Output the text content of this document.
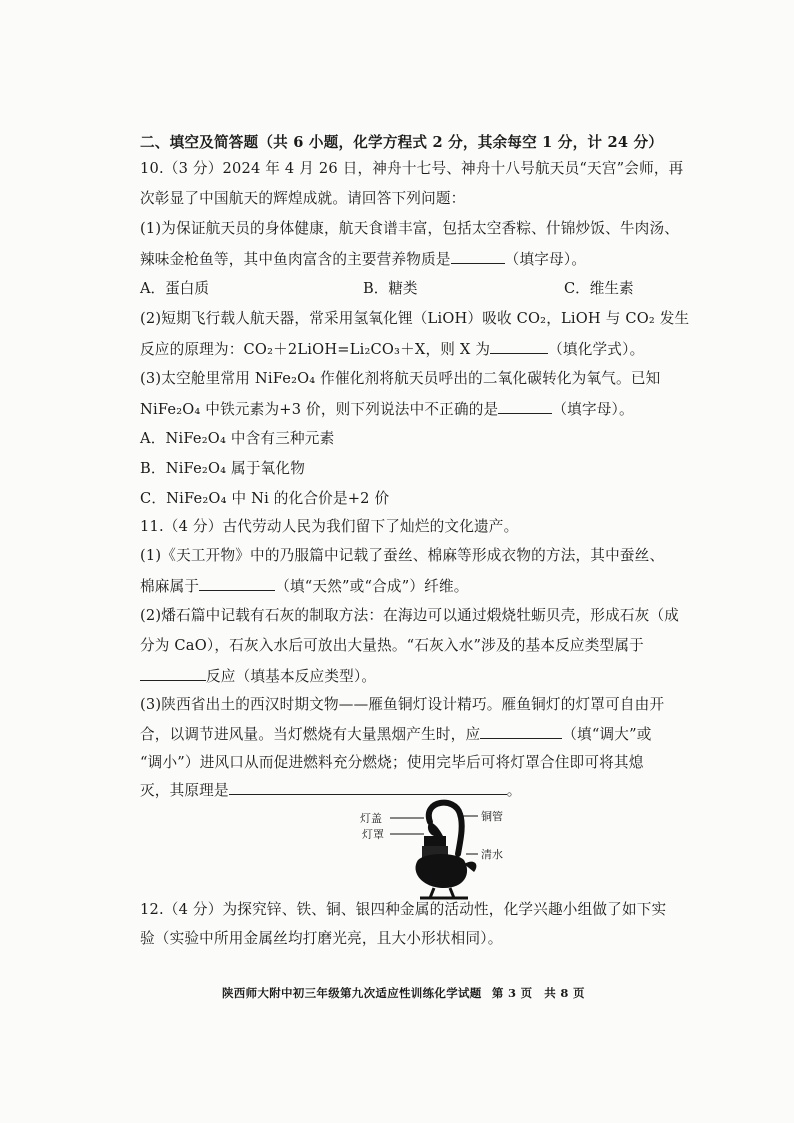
二、填空及简答题（共 6 小题，化学方程式 2 分，其余每空 1 分，计 24 分）
10.（3 分）2024 年 4 月 26 日，神舟十七号、神舟十八号航天员“天宫”会师，再
次彰显了中国航天的辉煌成就。请回答下列问题：
(1)为保证航天员的身体健康，航天食谱丰富，包括太空香粽、什锦炒饭、牛肉汤、
辣味金枪鱼等，其中鱼肉富含的主要营养物质是	（填字母）。
A．蛋白质	B．糖类	C．维生素
(2)短期飞行载人航天器，常采用氢氧化锂（LiOH）吸收 CO₂，LiOH 与 CO₂ 发生
反应的原理为：CO₂＋2LiOH=Li₂CO₃＋X，则 X 为	（填化学式）。
(3)太空舱里常用 NiFe₂O₄ 作催化剂将航天员呼出的二氧化碳转化为氧气。已知
NiFe₂O₄ 中铁元素为+3 价，则下列说法中不正确的是	（填字母）。
A．NiFe₂O₄ 中含有三种元素
B．NiFe₂O₄ 属于氧化物
C．NiFe₂O₄ 中 Ni 的化合价是+2 价
11.（4 分）古代劳动人民为我们留下了灿烂的文化遗产。
(1)《天工开物》中的乃服篇中记载了蚕丝、棉麻等形成衣物的方法，其中蚕丝、
棉麻属于	（填“天然”或“合成”）纤维。
(2)燔石篇中记载有石灰的制取方法：在海边可以通过煅烧牡蛎贝壳，形成石灰（成
分为 CaO），石灰入水后可放出大量热。“石灰入水”涉及的基本反应类型属于
反应（填基本反应类型）。
(3)陕西省出土的西汉时期文物——雁鱼铜灯设计精巧。雁鱼铜灯的灯罩可自由开
合，以调节进风量。当灯燃烧有大量黑烟产生时，应	（填“调大”或
“调小”）进风口从而促进燃料充分燃烧；使用完毕后可将灯罩合住即可将其熄
灭，其原理是	。
12.（4 分）为探究锌、铁、铜、银四种金属的活动性，化学兴趣小组做了如下实
验（实验中所用金属丝均打磨光亮，且大小形状相同）。
灯盖
灯罩
铜管
清水
陕西师大附中初三年级第九次适应性训练化学试题 第 3 页　共 8 页
